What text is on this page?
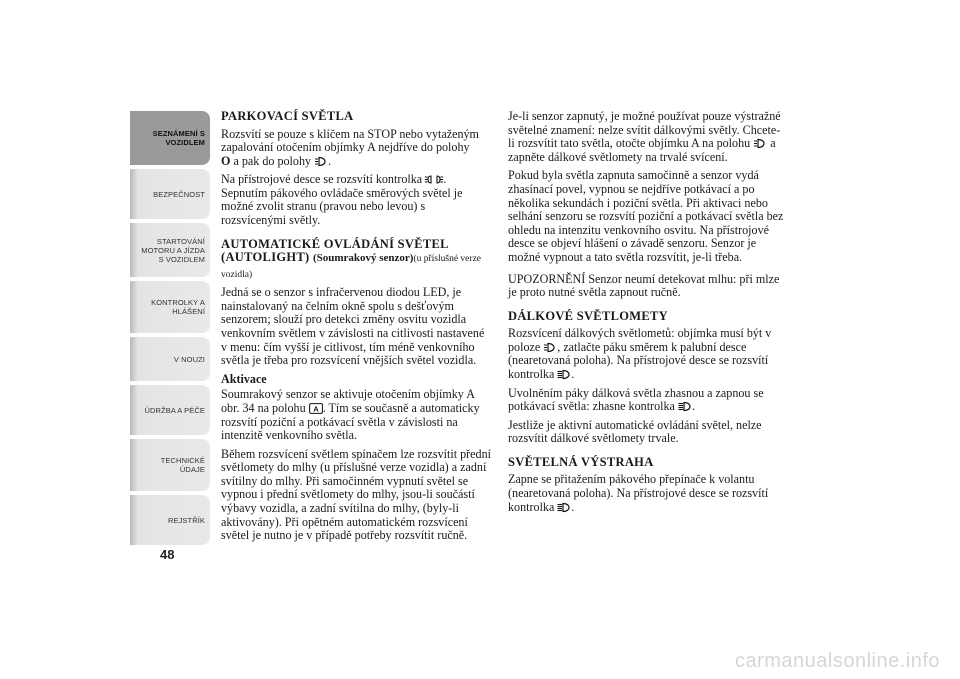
SEZNÁMENÍ S
VOZIDLEM
BEZPEČNOST
STARTOVÁNÍ
MOTORU A JÍZDA
S VOZIDLEM
KONTROLKY A
HLÁŠENÍ
V NOUZI
ÚDRŽBA A PÉČE
TECHNICKÉ
ÚDAJE
REJSTŘÍK
48
PARKOVACÍ SVĚTLA

Rozsvítí se pouze s klíčem na STOP nebo vytaženým zapalování otočením objímky A nejdříve do polohy
O a pak do polohy .

Na přístrojové desce se rozsvítí kontrolka . Sepnutím pákového ovládače směrových světel je možné zvolit stranu (pravou nebo levou) s rozsvícenými světly.

AUTOMATICKÉ OVLÁDÁNÍ SVĚTEL
(AUTOLIGHT) (Soumrakový senzor)(u příslušné verze vozidla)

Jedná se o senzor s infračervenou diodou LED, je nainstalovaný na čelním okně spolu s dešťovým senzorem; slouží pro detekci změny osvitu vozidla venkovním světlem v závislosti na citlivosti nastavené v menu: čím vyšší je citlivost, tím méně venkovního světla je třeba pro rozsvícení vnějších světel vozidla.

Aktivace

Soumrakový senzor se aktivuje otočením objímky A obr. 34 na polohu A . Tím se současně a automaticky rozsvítí poziční a potkávací světla v závislosti na intenzitě venkovního světla.

Během rozsvícení světlem spínačem lze rozsvítit přední světlomety do mlhy (u příslušné verze vozidla) a zadní svítilny do mlhy. Při samočinném vypnutí světel se vypnou i přední světlomety do mlhy, jsou-li součástí výbavy vozidla, a zadní svítilna do mlhy, (byly-li aktivovány). Při opětném automatickém rozsvícení světel je nutno je v případě potřeby rozsvítit ručně.

Je-li senzor zapnutý, je možné používat pouze výstražné světelné znamení: nelze svítit dálkovými světly. Chcete-li rozsvítit tato světla, otočte objímku A na polohu  a zapněte dálkové světlomety na trvalé svícení.

Pokud byla světla zapnuta samočinně a senzor vydá zhasínací povel, vypnou se nejdříve potkávací a po několika sekundách i poziční světla. Při aktivaci nebo selhání senzoru se rozsvítí poziční a potkávací světla bez ohledu na intenzitu venkovního osvitu. Na přístrojové desce se objeví hlášení o závadě senzoru. Senzor je možné vypnout a tato světla rozsvítit, je-li třeba.

UPOZORNĚNÍ Senzor neumí detekovat mlhu: při mlze je proto nutné světla zapnout ručně.

DÁLKOVÉ SVĚTLOMETY

Rozsvícení dálkových světlometů: objímka musí být v poloze , zatlačte páku směrem k palubní desce (nearetovaná poloha). Na přístrojové desce se rozsvítí kontrolka .

Uvolněním páky dálková světla zhasnou a zapnou se potkávací světla: zhasne kontrolka .

Jestliže je aktivní automatické ovládání světel, nelze rozsvítit dálkové světlomety trvale.

SVĚTELNÁ VÝSTRAHA

Zapne se přitažením pákového přepínače k volantu (nearetovaná poloha). Na přístrojové desce se rozsvítí kontrolka .

carmanualsonline.info
